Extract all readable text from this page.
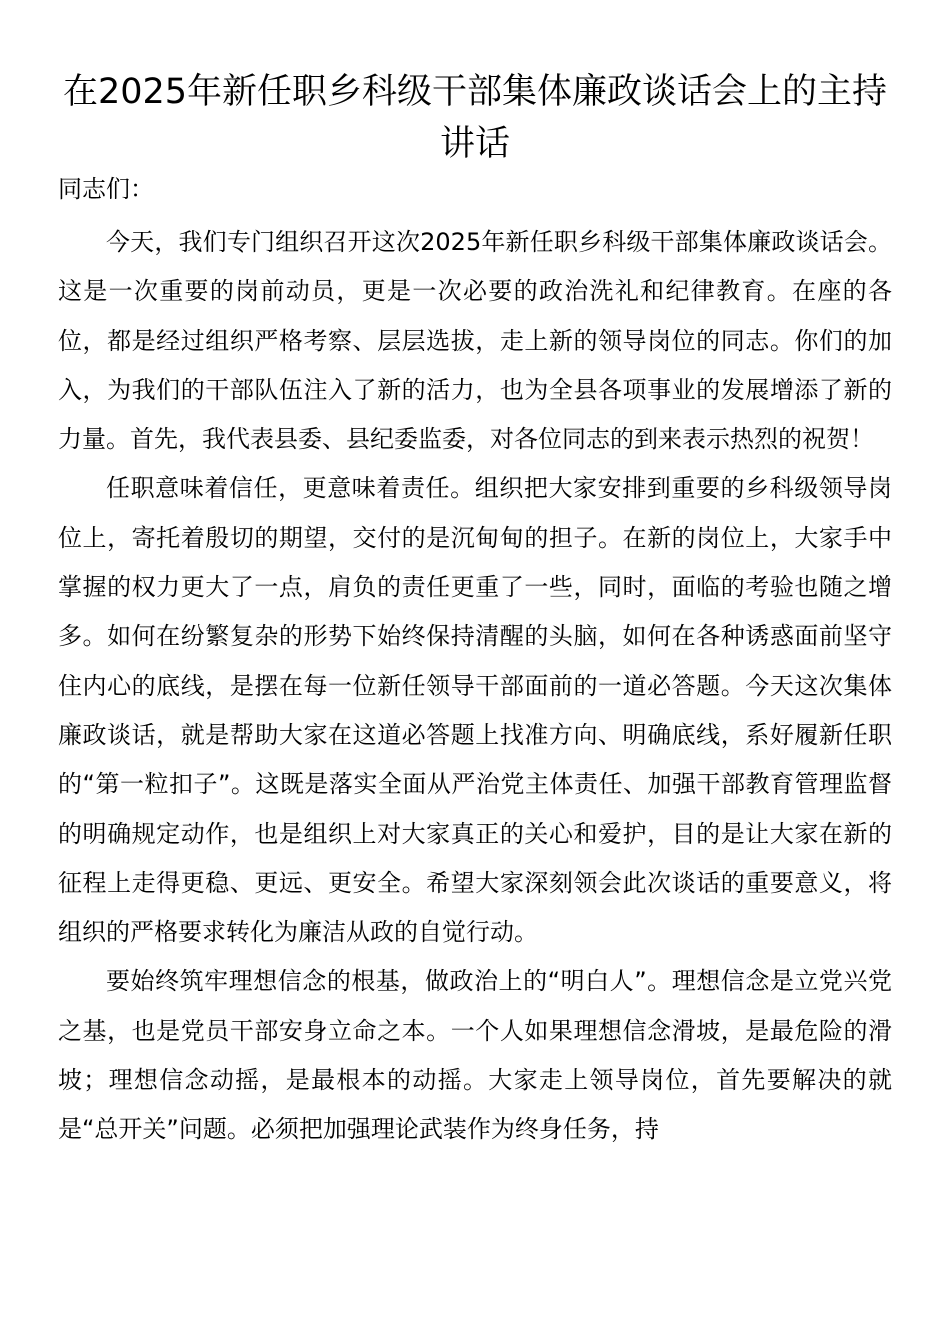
在2025年新任职乡科级干部集体廉政谈话会上的主持讲话

同志们：

今天，我们专门组织召开这次2025年新任职乡科级干部集体廉政谈话会。这是一次重要的岗前动员，更是一次必要的政治洗礼和纪律教育。在座的各位，都是经过组织严格考察、层层选拔，走上新的领导岗位的同志。你们的加入，为我们的干部队伍注入了新的活力，也为全县各项事业的发展增添了新的力量。首先，我代表县委、县纪委监委，对各位同志的到来表示热烈的祝贺！

任职意味着信任，更意味着责任。组织把大家安排到重要的乡科级领导岗位上，寄托着殷切的期望，交付的是沉甸甸的担子。在新的岗位上，大家手中掌握的权力更大了一点，肩负的责任更重了一些，同时，面临的考验也随之增多。如何在纷繁复杂的形势下始终保持清醒的头脑，如何在各种诱惑面前坚守住内心的底线，是摆在每一位新任领导干部面前的一道必答题。今天这次集体廉政谈话，就是帮助大家在这道必答题上找准方向、明确底线，系好履新任职的“第一粒扣子”。这既是落实全面从严治党主体责任、加强干部教育管理监督的明确规定动作，也是组织上对大家真正的关心和爱护，目的是让大家在新的征程上走得更稳、更远、更安全。希望大家深刻领会此次谈话的重要意义，将组织的严格要求转化为廉洁从政的自觉行动。

要始终筑牢理想信念的根基，做政治上的“明白人”。理想信念是立党兴党之基，也是党员干部安身立命之本。一个人如果理想信念滑坡，是最危险的滑坡；理想信念动摇，是最根本的动摇。大家走上领导岗位，首先要解决的就是“总开关”问题。必须把加强理论武装作为终身任务，持
